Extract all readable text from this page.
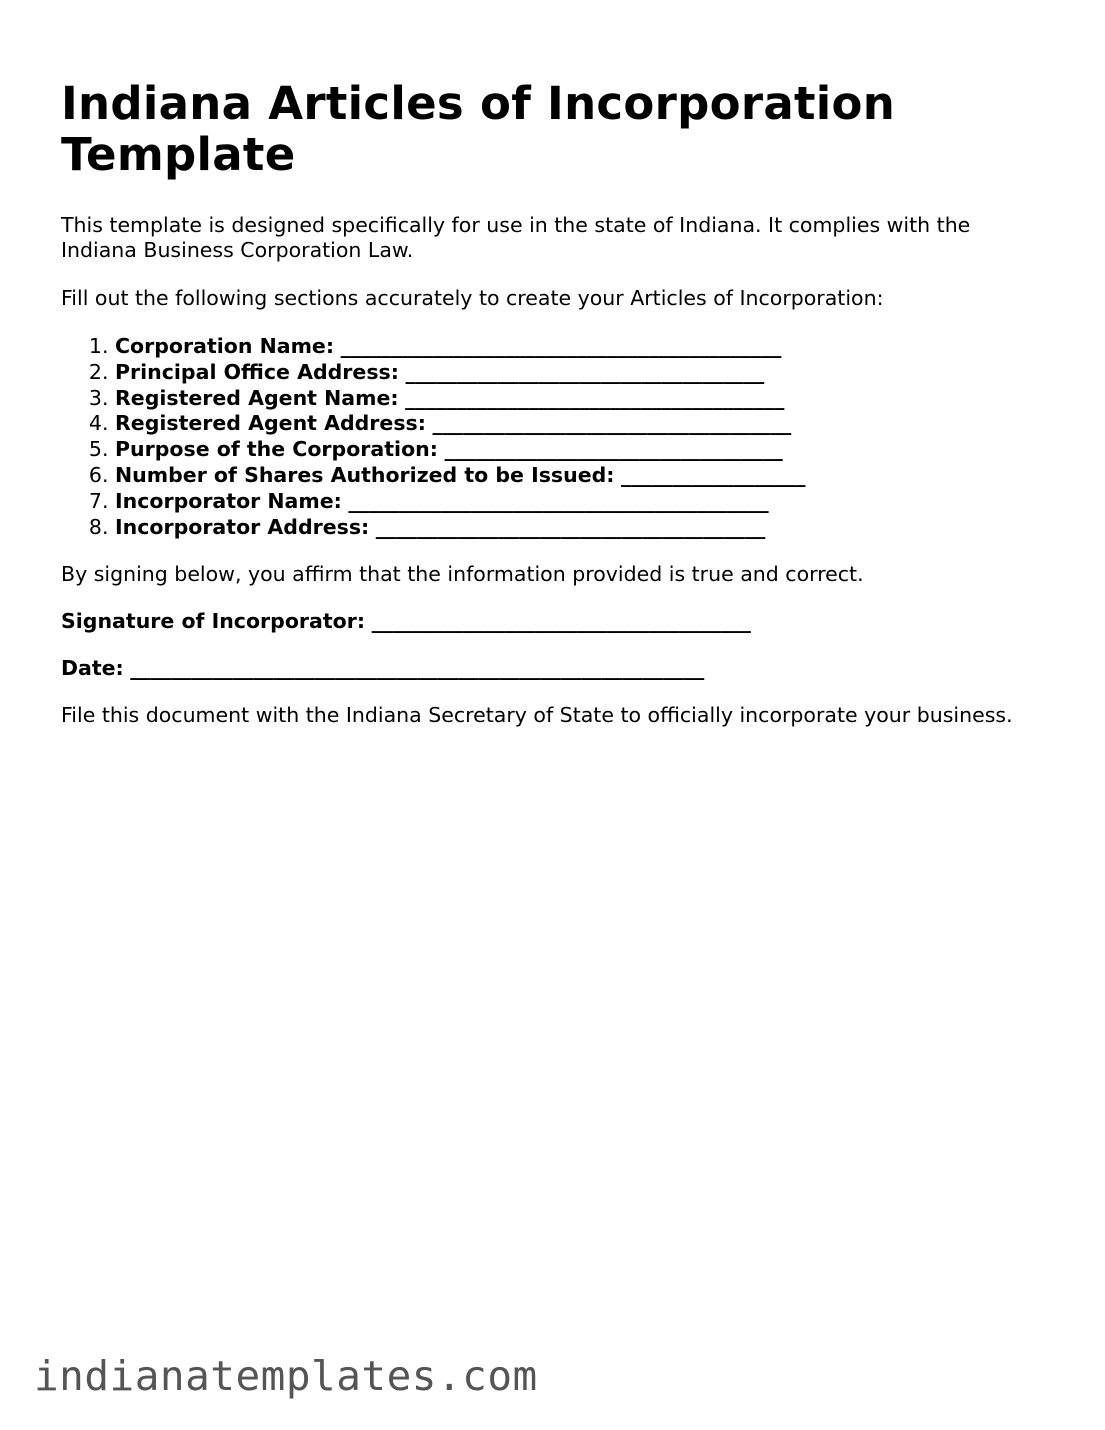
Indiana Articles of Incorporation Template

This template is designed specifically for use in the state of Indiana. It complies with the Indiana Business Corporation Law.

Fill out the following sections accurately to create your Articles of Incorporation:

1. Corporation Name: ___________________________________________
2. Principal Office Address: ___________________________________
3. Registered Agent Name: _____________________________________
4. Registered Agent Address: ___________________________________
5. Purpose of the Corporation: _________________________________
6. Number of Shares Authorized to be Issued: __________________
7. Incorporator Name: _________________________________________
8. Incorporator Address: ______________________________________

By signing below, you affirm that the information provided is true and correct.

Signature of Incorporator: _____________________________________

Date: ________________________________________________________

File this document with the Indiana Secretary of State to officially incorporate your business.

indianatemplates.com
